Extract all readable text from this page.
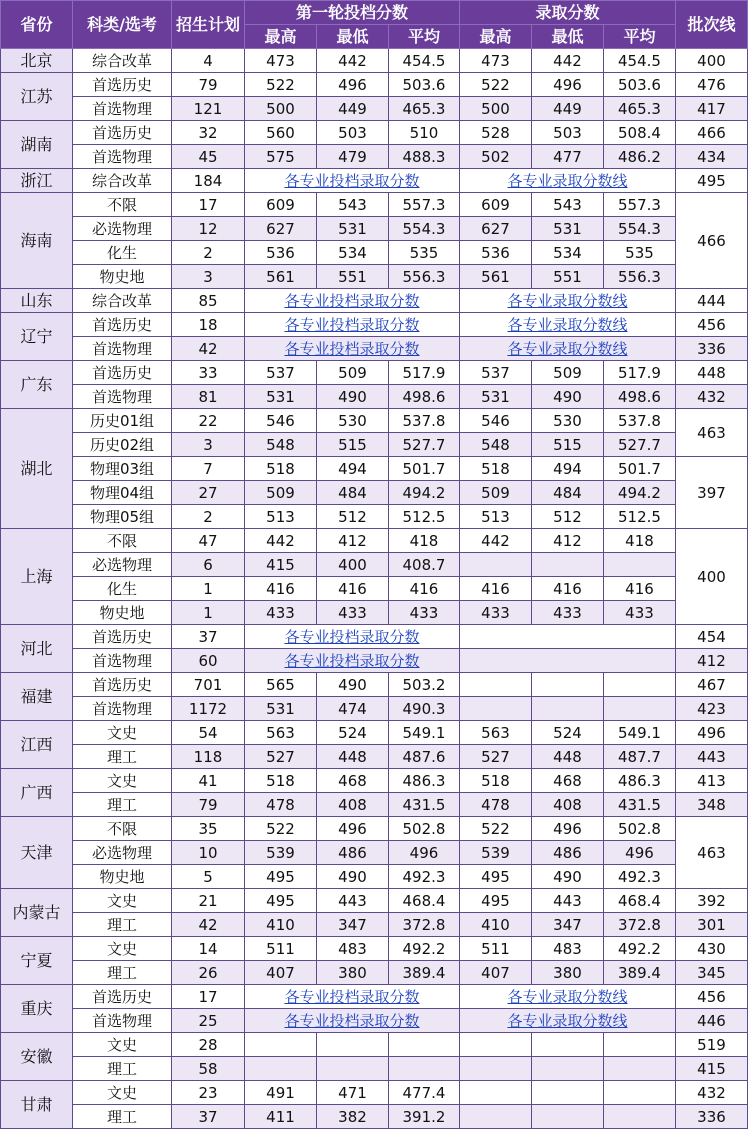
省份	科类/选考	招生计划	第一轮投档分数			录取分数			批次线
			最高	最低	平均	最高	最低	平均	
北京	综合改革	4	473	442	454.5	473	442	454.5	400
江苏	首选历史	79	522	496	503.6	522	496	503.6	476
	首选物理	121	500	449	465.3	500	449	465.3	417
湖南	首选历史	32	560	503	510	528	503	508.4	466
	首选物理	45	575	479	488.3	502	477	486.2	434
浙江	综合改革	184	各专业投档录取分数			各专业录取分数线			495
海南	不限	17	609	543	557.3	609	543	557.3	466
	必选物理	12	627	531	554.3	627	531	554.3	
	化生	2	536	534	535	536	534	535	
	物史地	3	561	551	556.3	561	551	556.3	
山东	综合改革	85	各专业投档录取分数			各专业录取分数线			444
辽宁	首选历史	18	各专业投档录取分数			各专业录取分数线			456
	首选物理	42	各专业投档录取分数			各专业录取分数线			336
广东	首选历史	33	537	509	517.9	537	509	517.9	448
	首选物理	81	531	490	498.6	531	490	498.6	432
湖北	历史01组	22	546	530	537.8	546	530	537.8	463
	历史02组	3	548	515	527.7	548	515	527.7	
	物理03组	7	518	494	501.7	518	494	501.7	397
	物理04组	27	509	484	494.2	509	484	494.2	
	物理05组	2	513	512	512.5	513	512	512.5	
上海	不限	47	442	412	418	442	412	418	400
	必选物理	6	415	400	408.7				
	化生	1	416	416	416	416	416	416	
	物史地	1	433	433	433	433	433	433	
河北	首选历史	37	各专业投档录取分数						454
	首选物理	60	各专业投档录取分数						412
福建	首选历史	701	565	490	503.2				467
	首选物理	1172	531	474	490.3				423
江西	文史	54	563	524	549.1	563	524	549.1	496
	理工	118	527	448	487.6	527	448	487.7	443
广西	文史	41	518	468	486.3	518	468	486.3	413
	理工	79	478	408	431.5	478	408	431.5	348
天津	不限	35	522	496	502.8	522	496	502.8	463
	必选物理	10	539	486	496	539	486	496	
	物史地	5	495	490	492.3	495	490	492.3	
内蒙古	文史	21	495	443	468.4	495	443	468.4	392
	理工	42	410	347	372.8	410	347	372.8	301
宁夏	文史	14	511	483	492.2	511	483	492.2	430
	理工	26	407	380	389.4	407	380	389.4	345
重庆	首选历史	17	各专业投档录取分数			各专业录取分数线			456
	首选物理	25	各专业投档录取分数			各专业录取分数线			446
安徽	文史	28							519
	理工	58							415
甘肃	文史	23	491	471	477.4				432
	理工	37	411	382	391.2				336
